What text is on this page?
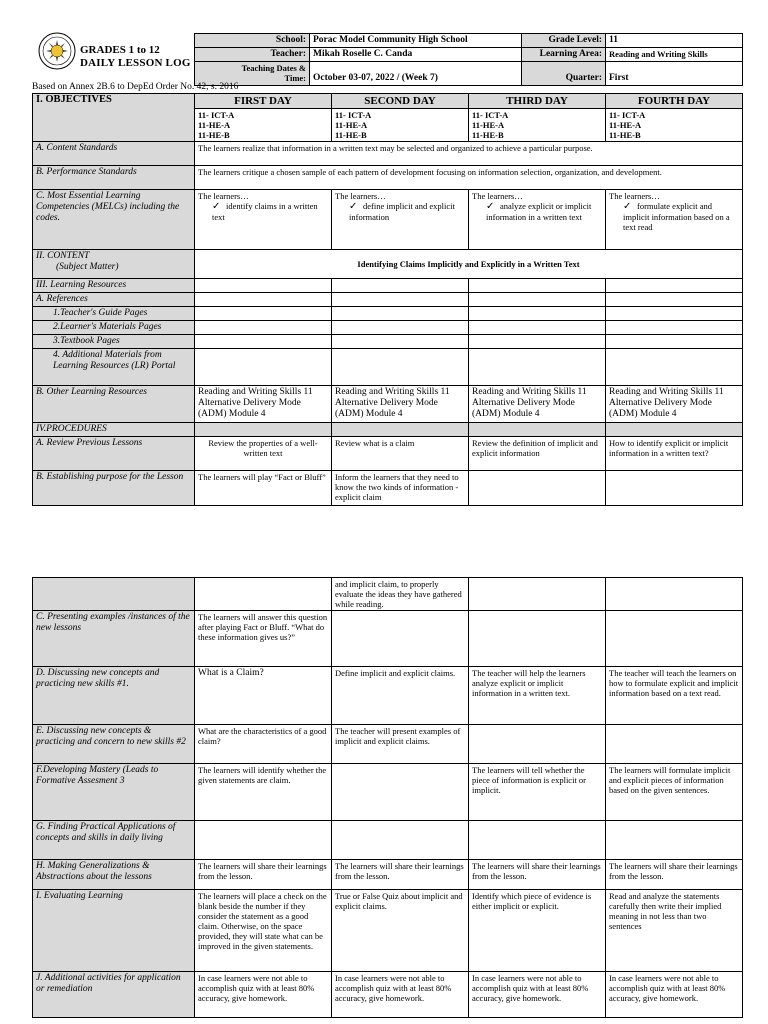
GRADES 1 to 12
DAILY LESSON LOG
School:	Porac Model Community High School	Grade Level:	11
Teacher:	Mikah Roselle C. Canda	Learning Area:	Reading and Writing Skills

Teaching Dates &
Time:	October 03-07, 2022 / (Week 7)	Quarter:	First
Based on Annex 2B.6 to DepEd Order No. 42, s. 2016
I. OBJECTIVES	FIRST DAY	SECOND DAY	THIRD DAY	FOURTH DAY

	11- ICT-A
11-HE-A
11-HE-B	11- ICT-A
11-HE-A
11-HE-B	11- ICT-A
11-HE-A
11-HE-B	11- ICT-A
11-HE-A
11-HE-B

A. Content Standards	The learners realize that information in a written text may be selected and organized to achieve a particular purpose.			
B. Performance Standards	The learners critique a chosen sample of each pattern of development focusing on information selection, organization, and development.			
C. Most Essential Learning Competencies (MELCs) including the codes.	The learners…
✓ identify claims in a written text	The learners…
✓ define implicit and explicit information	The learners…
✓ analyze explicit or implicit information in a written text	The learners…
✓ formulate explicit and implicit information based on a text read

II. CONTENT
(Subject Matter)	Identifying Claims Implicitly and Explicitly in a Written Text			
III. Learning Resources				
A. References				
1.Teacher's Guide Pages				
2.Learner's Materials Pages				
3.Textbook Pages				
4. Additional Materials from Learning Resources (LR) Portal				
B. Other Learning Resources	Reading and Writing Skills 11 Alternative Delivery Mode (ADM) Module 4	Reading and Writing Skills 11 Alternative Delivery Mode (ADM) Module 4	Reading and Writing Skills 11 Alternative Delivery Mode (ADM) Module 4	Reading and Writing Skills 11 Alternative Delivery Mode (ADM) Module 4
IV.PROCEDURES				
A. Review Previous Lessons	Review the properties of a well-written text	Review what is a claim	Review the definition of implicit and explicit information	How to identify explicit or implicit information in a written text?
B. Establishing purpose for the Lesson	The learners will play “Fact or Bluff”	Inform the learners that they need to know the two kinds of information - explicit claim		
		and implicit claim, to properly evaluate the ideas they have gathered while reading.		
C. Presenting examples /instances of the new lessons	The learners will answer this question after playing Fact or Bluff. “What do these information gives us?”			
D. Discussing new concepts and practicing new skills #1.	What is a Claim?	Define implicit and explicit claims.	The teacher will help the learners analyze explicit or implicit information in a written text.	The teacher will teach the learners on how to formulate explicit and implicit information based on a text read.
E. Discussing new concepts & practicing and concern to new skills #2	What are the characteristics of a good claim?	The teacher will present examples of implicit and explicit claims.		
F.Developing Mastery (Leads to Formative Assesment 3	The learners will identify whether the given statements are claim.		The learners will tell whether the piece of information is explicit or implicit.	The learners will formulate implicit and explicit pieces of information based on the given sentences.
G. Finding Practical Applications of concepts and skills in daily living				
H. Making Generalizations & Abstractions about the lessons	The learners will share their learnings from the lesson.	The learners will share their learnings from the lesson.	The learners will share their learnings from the lesson.	The learners will share their learnings from the lesson.
I. Evaluating Learning	The learners will place a check on the blank beside the number if they consider the statement as a good claim. Otherwise, on the space provided, they will state what can be improved in the given statements.	True or False Quiz about implicit and explicit claims.	Identify which piece of evidence is either implicit or explicit.	Read and analyze the statements carefully then write their implied meaning in not less than two sentences
J. Additional activities for application or remediation	In case learners were not able to accomplish quiz with at least 80% accuracy, give homework.	In case learners were not able to accomplish quiz with at least 80% accuracy, give homework.	In case learners were not able to accomplish quiz with at least 80% accuracy, give homework.	In case learners were not able to accomplish quiz with at least 80% accuracy, give homework.
